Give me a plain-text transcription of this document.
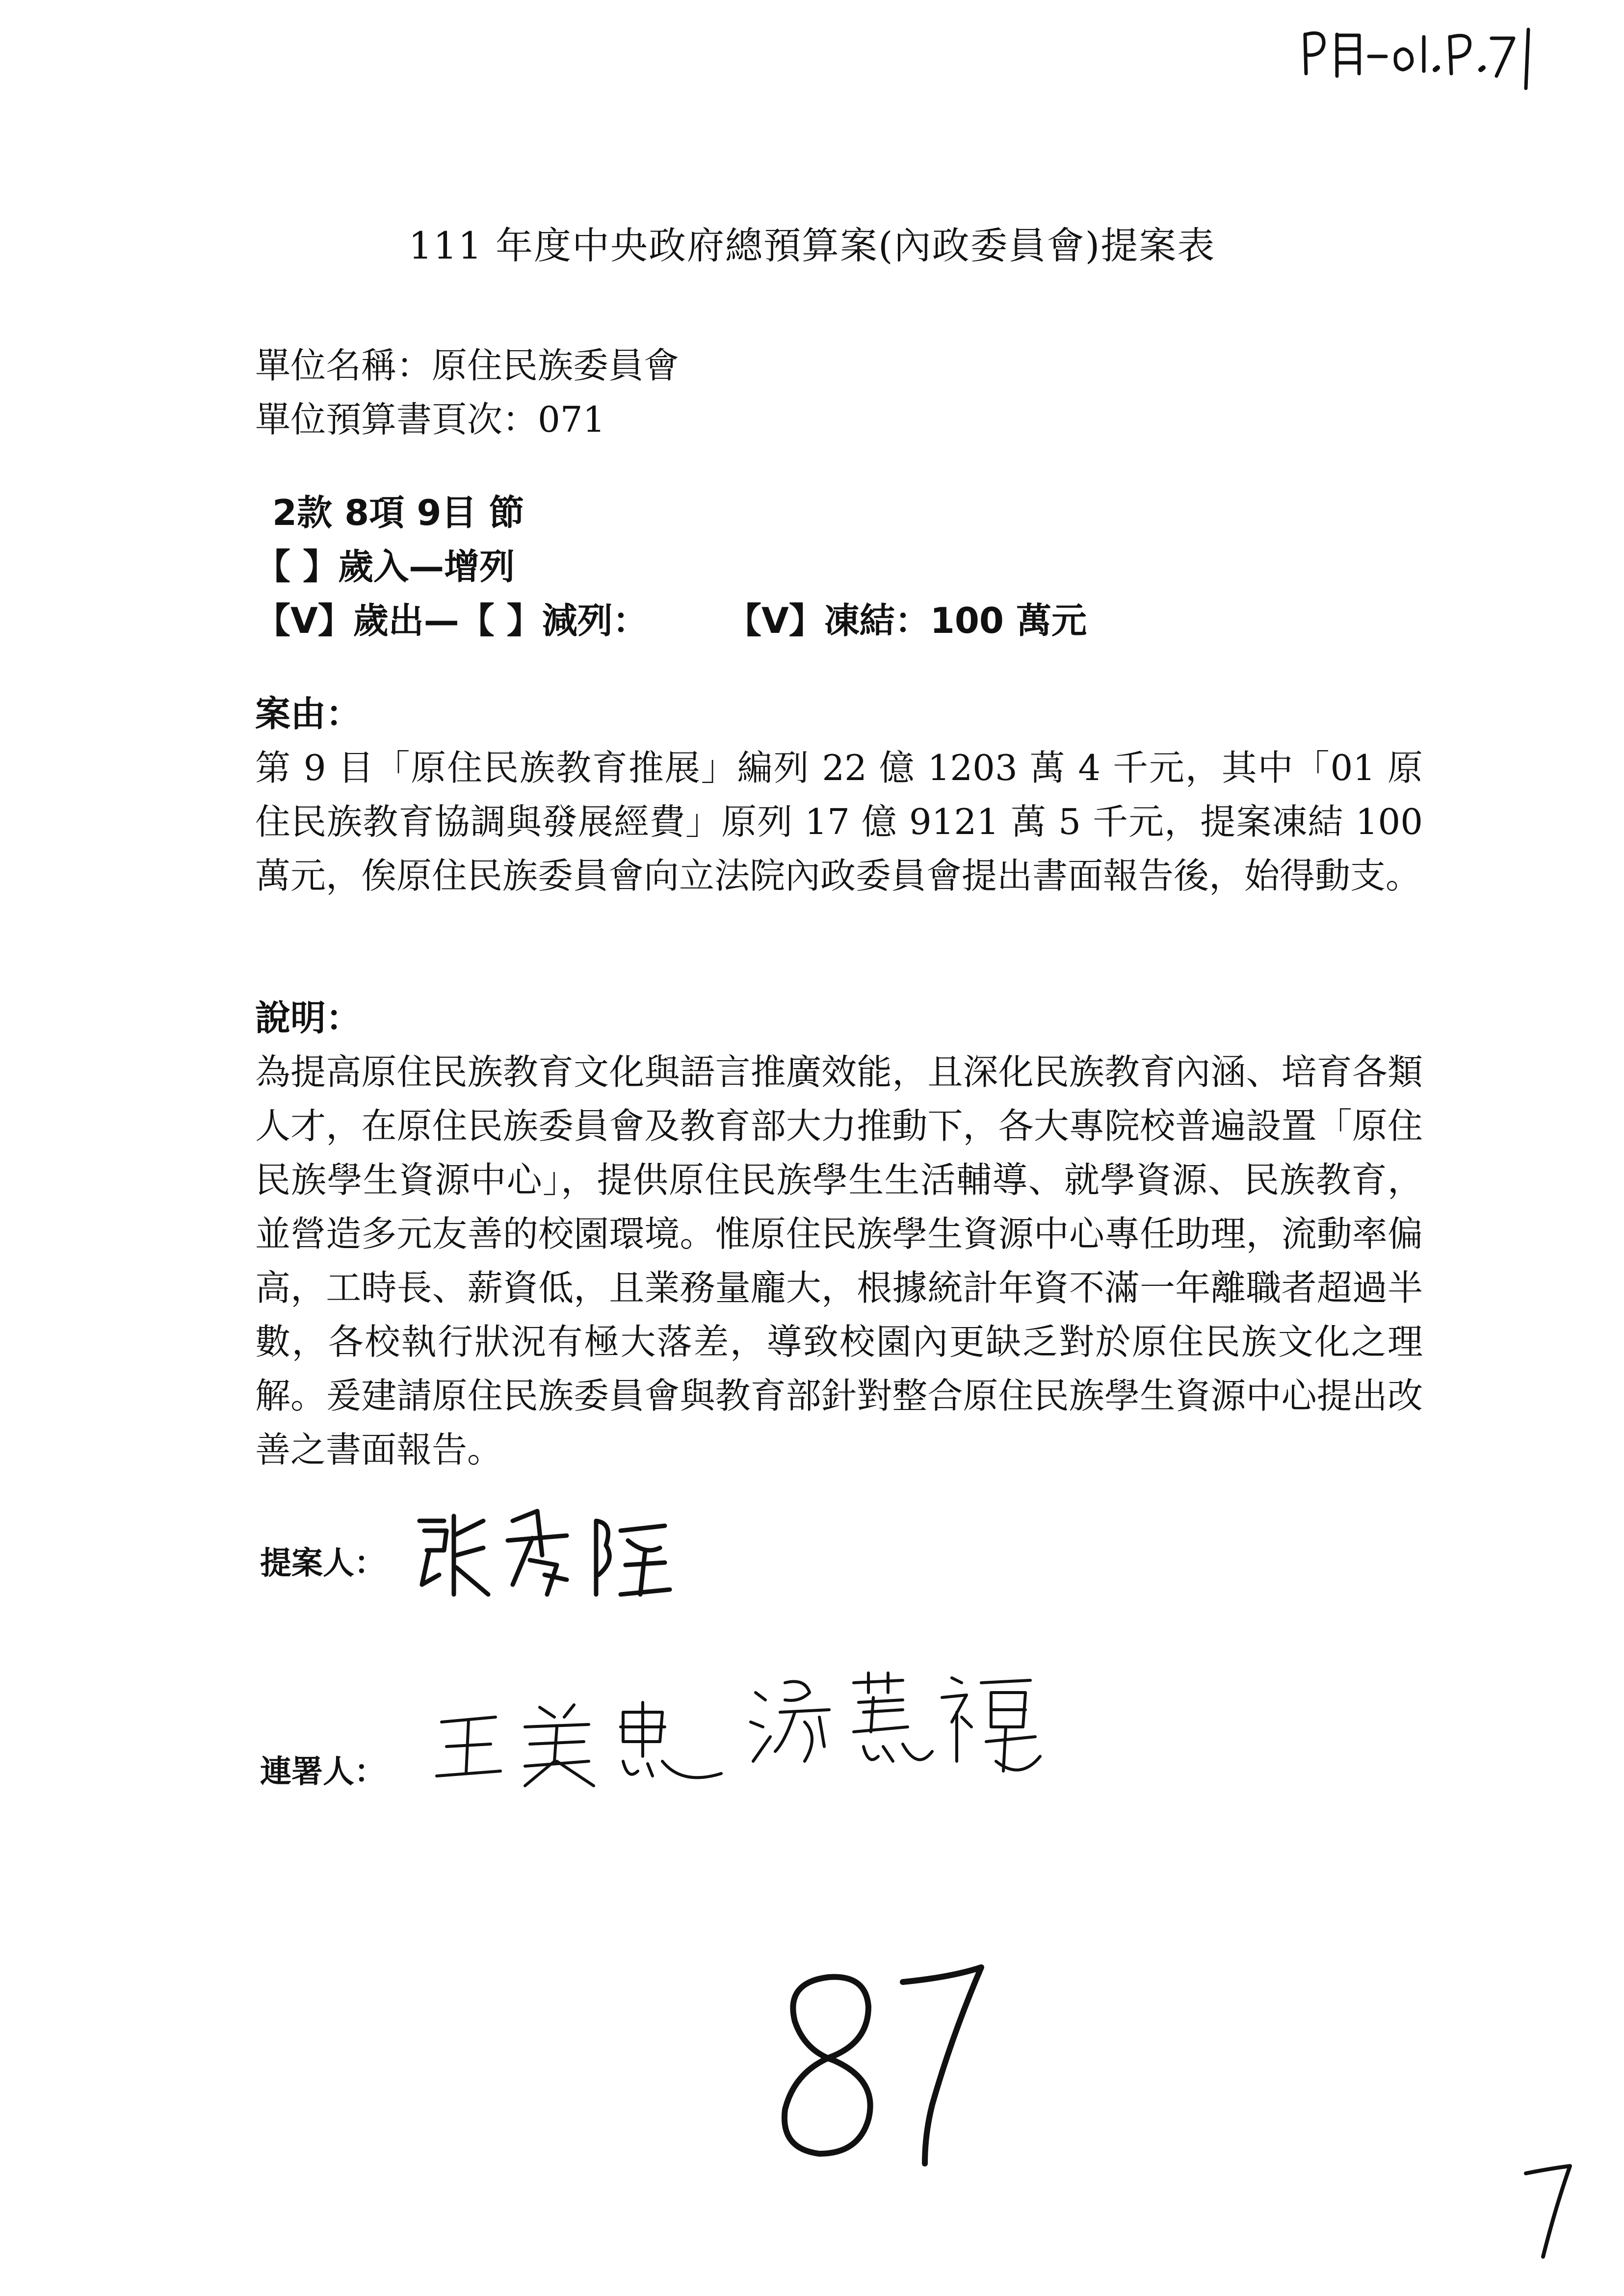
PE-01 P.71
111 年度中央政府總預算案(內政委員會)提案表
單位名稱：原住民族委員會
單位預算書頁次：071
2款 8項 9目 節
【 】歲入—增列
【V】歲出—【 】減列： 【V】凍結：100 萬元
案由：
第 9 目「原住民族教育推展」編列 22 億 1203 萬 4 千元，其中「01 原住民族教育協調與發展經費」原列 17 億 9121 萬 5 千元，提案凍結 100 萬元，俟原住民族委員會向立法院內政委員會提出書面報告後，始得動支。
說明：
為提高原住民族教育文化與語言推廣效能，且深化民族教育內涵、培育各類人才，在原住民族委員會及教育部大力推動下，各大專院校普遍設置「原住民族學生資源中心」，提供原住民族學生生活輔導、就學資源、民族教育，並營造多元友善的校園環境。惟原住民族學生資源中心專任助理，流動率偏高，工時長、薪資低，且業務量龐大，根據統計年資不滿一年離職者超過半數，各校執行狀況有極大落差，導致校園內更缺乏對於原住民族文化之理解。爰建請原住民族委員會與教育部針對整合原住民族學生資源中心提出改善之書面報告。
提案人：
張宏陸
連署人：
王美惠
湯蕙禎
87
7
